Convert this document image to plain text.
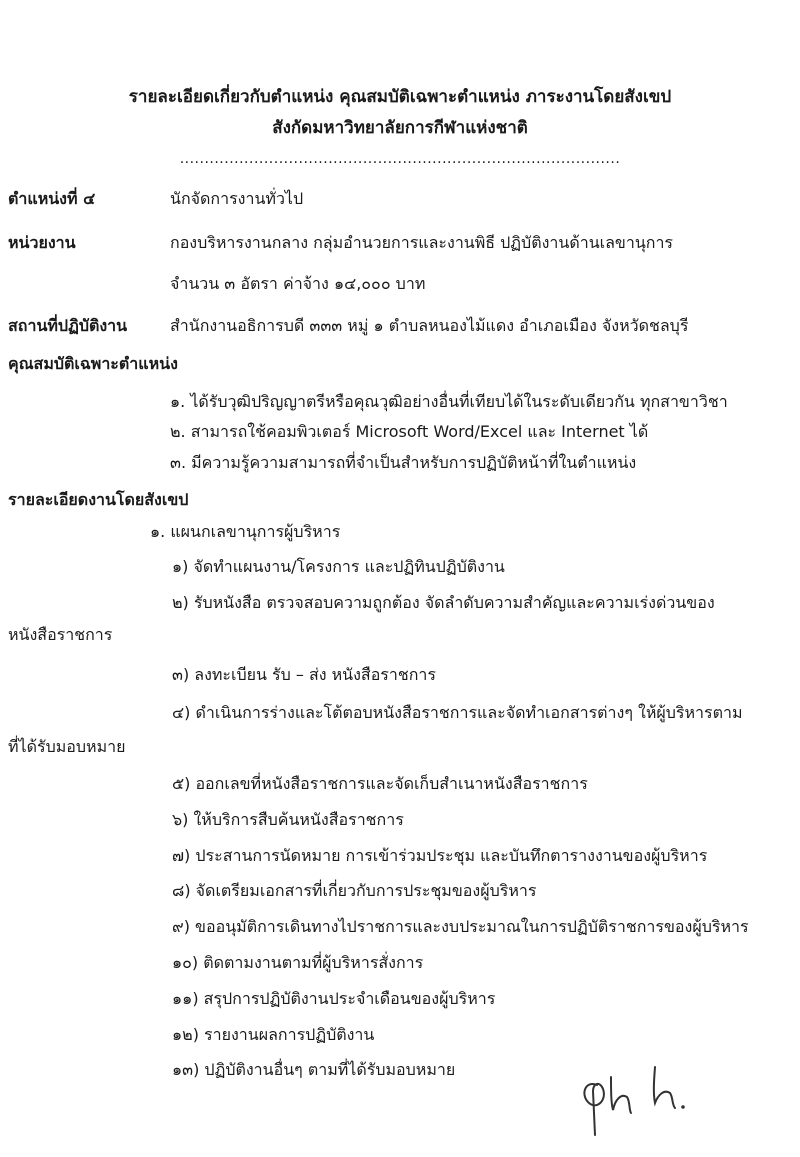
รายละเอียดเกี่ยวกับตำแหน่ง คุณสมบัติเฉพาะตำแหน่ง ภาระงานโดยสังเขป
สังกัดมหาวิทยาลัยการกีฬาแห่งชาติ
.........................................................................................
ตำแหน่งที่ ๔	นักจัดการงานทั่วไป
หน่วยงาน	กองบริหารงานกลาง กลุ่มอำนวยการและงานพิธี ปฏิบัติงานด้านเลขานุการ
จำนวน ๓ อัตรา ค่าจ้าง ๑๔,๐๐๐ บาท
สถานที่ปฏิบัติงาน	สำนักงานอธิการบดี ๓๓๓ หมู่ ๑ ตำบลหนองไม้แดง อำเภอเมือง จังหวัดชลบุรี
คุณสมบัติเฉพาะตำแหน่ง
๑. ได้รับวุฒิปริญญาตรีหรือคุณวุฒิอย่างอื่นที่เทียบได้ในระดับเดียวกัน ทุกสาขาวิชา
๒. สามารถใช้คอมพิวเตอร์ Microsoft Word/Excel และ Internet ได้
๓. มีความรู้ความสามารถที่จำเป็นสำหรับการปฏิบัติหน้าที่ในตำแหน่ง
รายละเอียดงานโดยสังเขป
๑. แผนกเลขานุการผู้บริหาร
๑) จัดทำแผนงาน/โครงการ และปฏิทินปฏิบัติงาน
๒) รับหนังสือ ตรวจสอบความถูกต้อง จัดลำดับความสำคัญและความเร่งด่วนของ
หนังสือราชการ
๓) ลงทะเบียน รับ – ส่ง หนังสือราชการ
๔) ดำเนินการร่างและโต้ตอบหนังสือราชการและจัดทำเอกสารต่างๆ ให้ผู้บริหารตาม
ที่ได้รับมอบหมาย
๕) ออกเลขที่หนังสือราชการและจัดเก็บสำเนาหนังสือราชการ
๖) ให้บริการสืบค้นหนังสือราชการ
๗) ประสานการนัดหมาย การเข้าร่วมประชุม และบันทึกตารางงานของผู้บริหาร
๘) จัดเตรียมเอกสารที่เกี่ยวกับการประชุมของผู้บริหาร
๙) ขออนุมัติการเดินทางไปราชการและงบประมาณในการปฏิบัติราชการของผู้บริหาร
๑๐) ติดตามงานตามที่ผู้บริหารสั่งการ
๑๑) สรุปการปฏิบัติงานประจำเดือนของผู้บริหาร
๑๒) รายงานผลการปฏิบัติงาน
๑๓) ปฏิบัติงานอื่นๆ ตามที่ได้รับมอบหมาย
